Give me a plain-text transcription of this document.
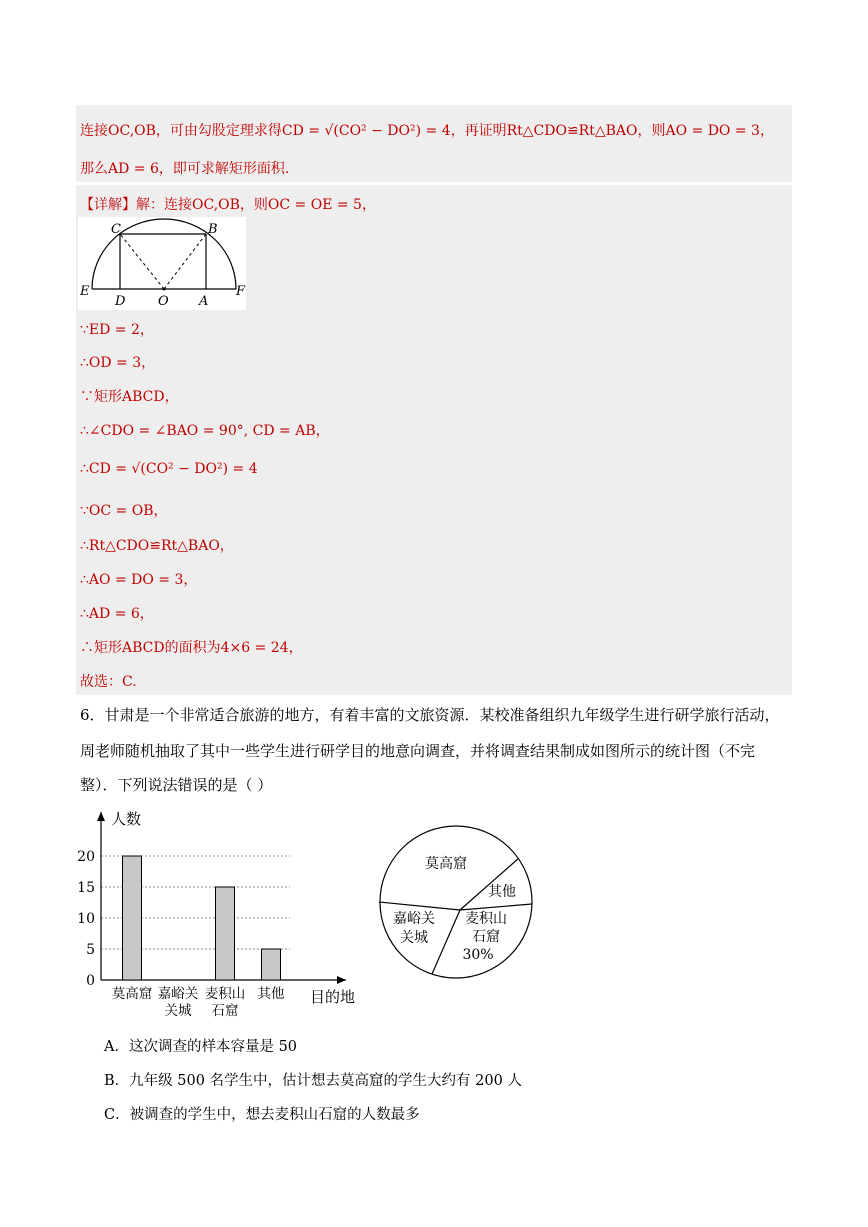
连接OC,OB，可由勾股定理求得CD = √(CO² − DO²) = 4，再证明Rt△CDO≌Rt△BAO，则AO = DO = 3，
那么AD = 6，即可求解矩形面积.
【详解】解：连接OC,OB，则OC = OE = 5，
C	B
E
D	O A
F
∵ED = 2，
∴OD = 3，
∵矩形ABCD，
∴∠CDO = ∠BAO = 90°, CD = AB，
∴CD = √(CO² − DO²) = 4
∵OC = OB，
∴Rt△CDO≌Rt△BAO，
∴AO = DO = 3，
∴AD = 6，
∴矩形ABCD的面积为4×6 = 24，
故选：C.
6．甘肃是一个非常适合旅游的地方，有着丰富的文旅资源．某校准备组织九年级学生进行研学旅行活动，
周老师随机抽取了其中一些学生进行研学目的地意向调查，并将调查结果制成如图所示的统计图（不完
整）．下列说法错误的是（ ）
0
5
10
15
20
人数
目的地
莫高窟 嘉峪关
关城
麦积山
石窟
其他
莫高窟
其他
麦积山
石窟
30%
嘉峪关
关城
A．这次调查的样本容量是 50
B．九年级 500 名学生中，估计想去莫高窟的学生大约有 200 人
C．被调查的学生中，想去麦积山石窟的人数最多
